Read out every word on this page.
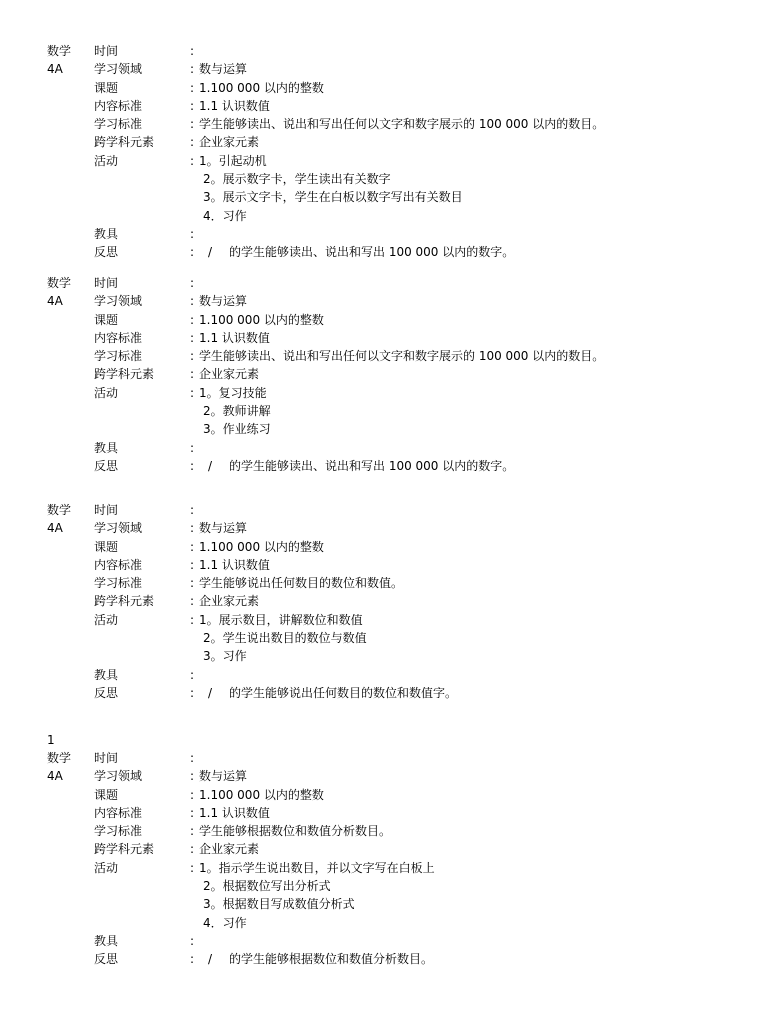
数学 时间	:
4A	学习领域	: 数与运算
课题	: 1.100 000 以内的整数
内容标准	: 1.1 认识数值
学习标准	: 学生能够读出、说出和写出任何以文字和数字展示的 100 000 以内的数目。
跨学科元素	: 企业家元素
活动	: 1。引起动机
2。展示数字卡，学生读出有关数字
3。展示文字卡，学生在白板以数字写出有关数目
4．习作
教具	:
反思	: / 的学生能够读出、说出和写出 100 000 以内的数字。
数学 时间	:
4A	学习领域	: 数与运算
课题	: 1.100 000 以内的整数
内容标准	: 1.1 认识数值
学习标准	: 学生能够读出、说出和写出任何以文字和数字展示的 100 000 以内的数目。
跨学科元素	: 企业家元素
活动	: 1。复习技能
2。教师讲解
3。作业练习
教具	:
反思	: / 的学生能够读出、说出和写出 100 000 以内的数字。
数学 时间	:
4A	学习领域	: 数与运算
课题	: 1.100 000 以内的整数
内容标准	: 1.1 认识数值
学习标准	: 学生能够说出任何数目的数位和数值。
跨学科元素	: 企业家元素
活动	: 1。展示数目，讲解数位和数值
2。学生说出数目的数位与数值
3。习作
教具	:
反思	: / 的学生能够说出任何数目的数位和数值字。
1
数学 时间	:
4A	学习领域	: 数与运算
课题	: 1.100 000 以内的整数
内容标准	: 1.1 认识数值
学习标准	: 学生能够根据数位和数值分析数目。
跨学科元素	: 企业家元素
活动	: 1。指示学生说出数目，并以文字写在白板上
2。根据数位写出分析式
3。根据数目写成数值分析式
4．习作
教具	:
反思	: / 的学生能够根据数位和数值分析数目。
